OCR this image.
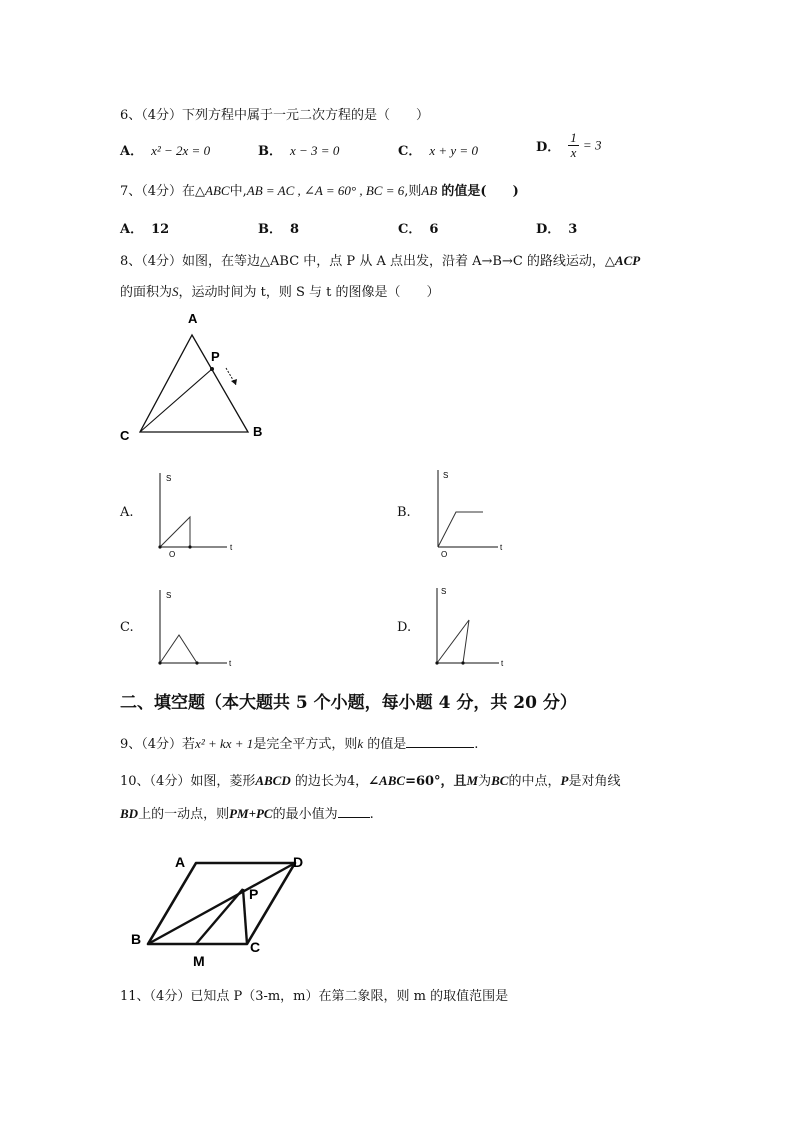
6、（4分）下列方程中属于一元二次方程的是（　　）
A． x² − 2x = 0	B． x − 3 = 0	C． x + y = 0	D． $\frac{1}{x} = 3$
7、（4分）在△ABC中,AB = AC , ∠A = 60° , BC = 6,则AB 的值是(　　)
A． 12	B． 8	C． 6	D． 3
8、（4分）如图，在等边△ABC 中，点 P 从 A 点出发，沿着 A→B→C 的路线运动，△ACP
的面积为S，运动时间为 t，则 S 与 t 的图像是（　　）
A
B
C
P
A.
S
t
O
B.
S
t
O
C.
S
t
D.
S
t
二、填空题（本大题共 5 个小题，每小题 4 分，共 20 分）
9、（4分）若x² + kx + 1是完全平方式，则k 的值是	.
10、（4分）如图，菱形ABCD 的边长为4，∠ABC=60°，且M为BC的中点，P是对角线
BD上的一动点，则PM+PC的最小值为 .
A	D
B	C
P
M
11、（4分）已知点 P（3-m，m）在第二象限，则 m 的取值范围是
